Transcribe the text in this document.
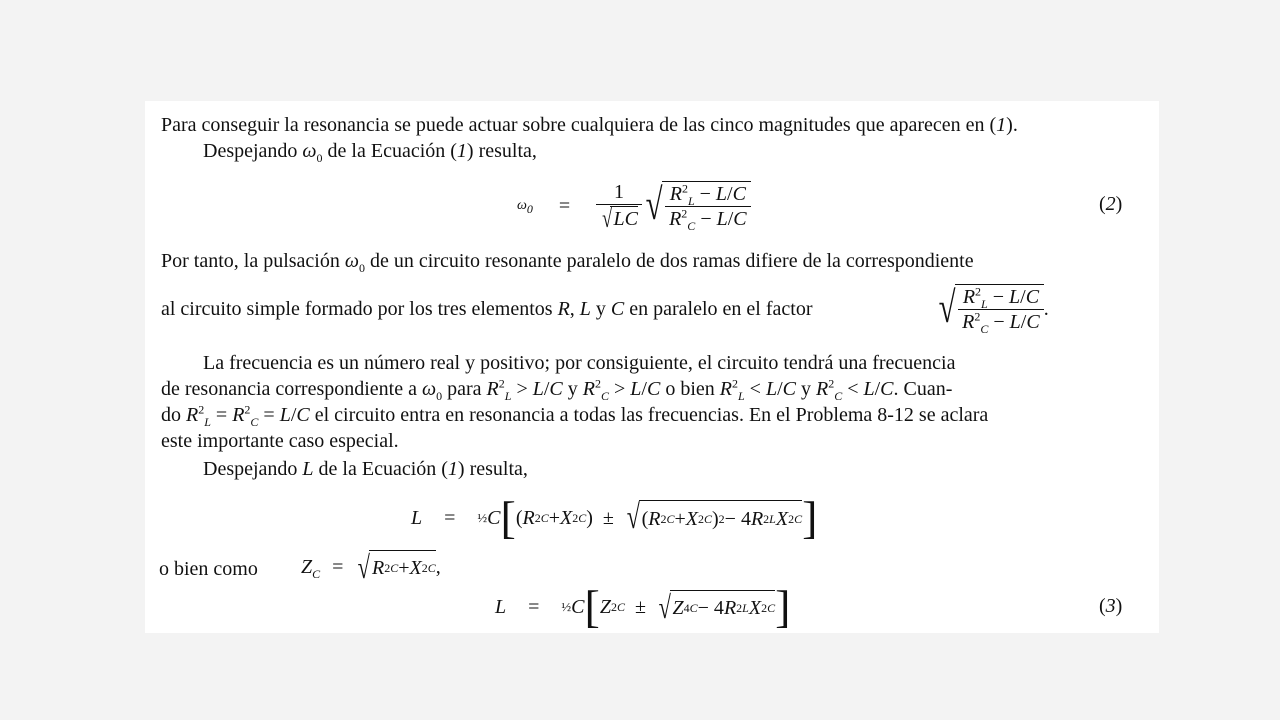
Para conseguir la resonancia se puede actuar sobre cualquiera de las cinco magnitudes que aparecen en (1).
Despejando $\omega_0$ de la Ecuación (1) resulta,
$\omega_0 = \frac{1}{√ LC}$ √ $\frac{R^2_L - L/C}{R^2_C - L/C}$	(2)
Por tanto, la pulsación $\omega_0$ de un circuito resonante paralelo de dos ramas difiere de la correspondiente
al circuito simple formado por los tres elementos R, L y C en paralelo en el factor	√ $\frac{R^2_L - L/C}{R^2_C - L/C}$ .
La frecuencia es un número real y positivo; por consiguiente, el circuito tendrá una frecuencia
de resonancia correspondiente a $\omega_0$ para $R^2_L > L/C$ y $R^2_C > L/C$ o bien $R^2_L < L/C$ y $R^2_C < L/C$. Cuan-
do $R^2_L = R^2_C = L/C$ el circuito entra en resonancia a todas las frecuencias. En el Problema 8-12 se aclara
este importante caso especial.
Despejando L de la Ecuación (1) resulta,
L = ½ C [ ( R 2 C + X 2 C ) ± √ ( R 2 C + X 2 C ) 2 − 4 R 2 L X 2 C ]
o bien como $Z_C$ = √ R 2 C + X 2 C ,
L = ½ C [ Z 2 C ± √ Z 4 C − 4 R 2 L X 2 C ]	(3)
